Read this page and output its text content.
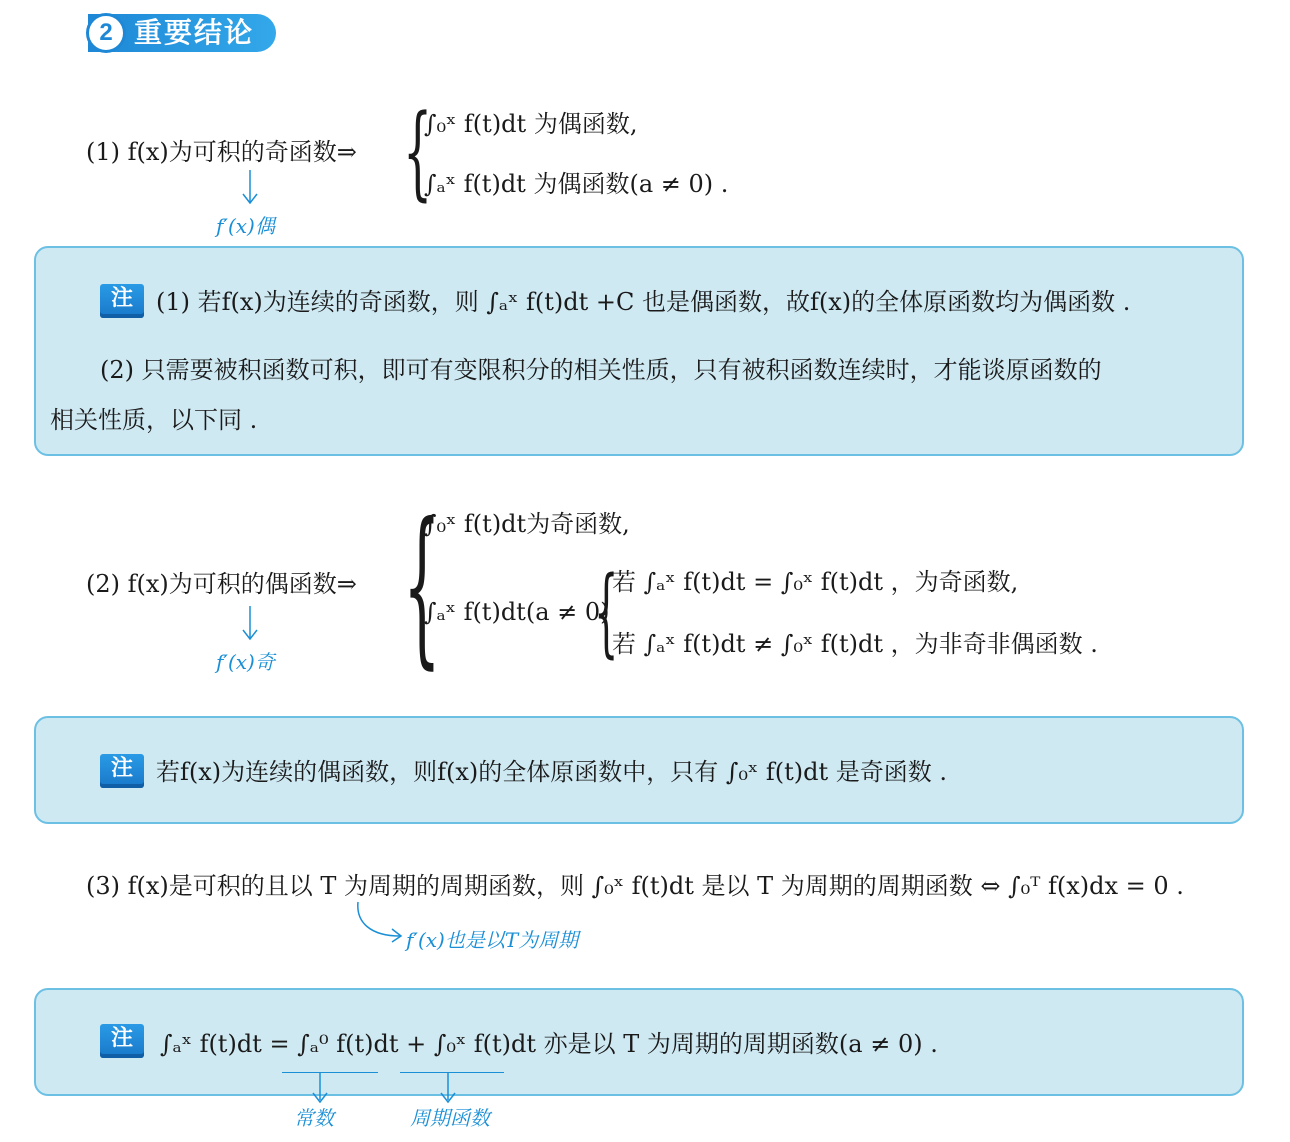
2 重要结论
(1) f(x)为可积的奇函数⇒ {
∫₀ˣ f(t)dt 为偶函数,
∫ₐˣ f(t)dt 为偶函数(a ≠ 0) .
f′(x)偶
注 (1) 若f(x)为连续的奇函数，则 ∫ₐˣ f(t)dt +C 也是偶函数，故f(x)的全体原函数均为偶函数 .
(2) 只需要被积函数可积，即可有变限积分的相关性质，只有被积函数连续时，才能谈原函数的
相关性质，以下同 .
(2) f(x)为可积的偶函数⇒ {
∫₀ˣ f(t)dt为奇函数,
∫ₐˣ f(t)dt(a ≠ 0)
{
若 ∫ₐˣ f(t)dt = ∫₀ˣ f(t)dt ，为奇函数,
若 ∫ₐˣ f(t)dt ≠ ∫₀ˣ f(t)dt ，为非奇非偶函数 .
f′(x)奇
注 若f(x)为连续的偶函数，则f(x)的全体原函数中，只有 ∫₀ˣ f(t)dt 是奇函数 .
(3) f(x)是可积的且以 T 为周期的周期函数，则 ∫₀ˣ f(t)dt 是以 T 为周期的周期函数 ⇔ ∫₀ᵀ f(x)dx = 0 .
f′(x)也是以T为周期
注	∫ₐˣ f(t)dt = ∫ₐ⁰ f(t)dt + ∫₀ˣ f(t)dt 亦是以 T 为周期的周期函数(a ≠ 0) .
常数	周期函数
